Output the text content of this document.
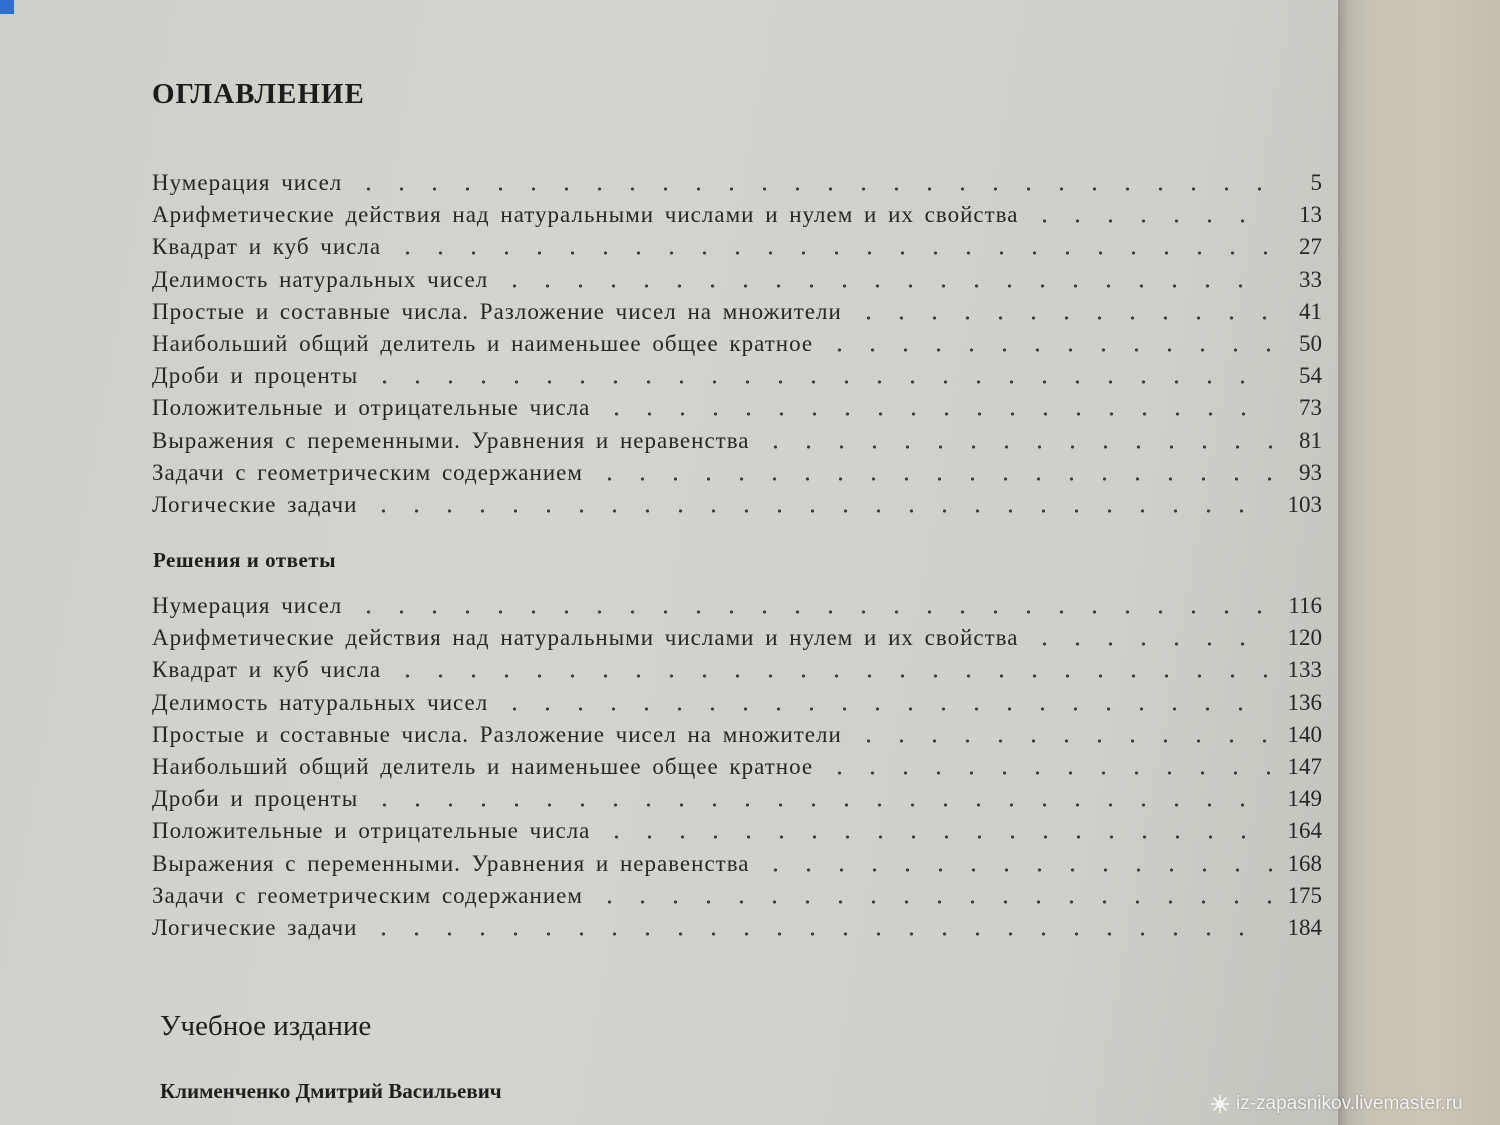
ОГЛАВЛЕНИЕ
Нумерация чисел	5
Арифметические действия над натуральными числами и нулем и их свойства	13
Квадрат и куб числа	27
Делимость натуральных чисел	33
Простые и составные числа. Разложение чисел на множители	41
Наибольший общий делитель и наименьшее общее кратное	50
Дроби и проценты	54
Положительные и отрицательные числа	73
Выражения с переменными. Уравнения и неравенства	81
Задачи с геометрическим содержанием	93
Логические задачи	103
Решения и ответы
Нумерация чисел	116
Арифметические действия над натуральными числами и нулем и их свойства	120
Квадрат и куб числа	133
Делимость натуральных чисел	136
Простые и составные числа. Разложение чисел на множители	140
Наибольший общий делитель и наименьшее общее кратное	147
Дроби и проценты	149
Положительные и отрицательные числа	164
Выражения с переменными. Уравнения и неравенства	168
Задачи с геометрическим содержанием	175
Логические задачи	184
Учебное издание
Клименченко Дмитрий Васильевич
iz-zapasnikov.livemaster.ru
